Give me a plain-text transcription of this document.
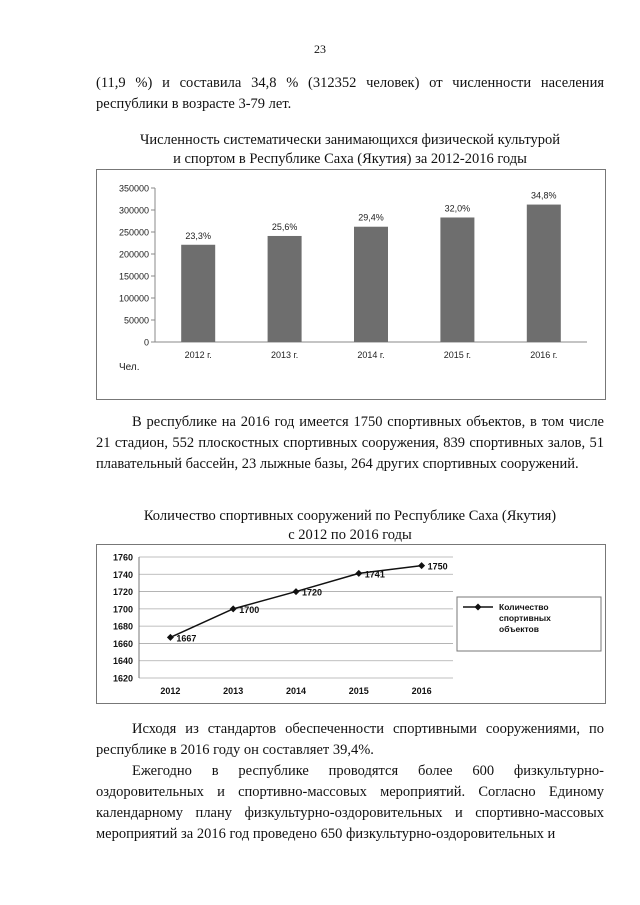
23

(11,9 %) и составила 34,8 % (312352 человек) от численности населения республики в возрасте 3-79 лет.

Численность систематически занимающихся физической культурой
и спортом в Республике Саха (Якутия) за 2012-2016 годы

0
50000
100000
150000
200000
250000
300000
350000
23,3%
2012 г.
25,6%
2013 г.
29,4%
2014 г.
32,0%
2015 г.
34,8%
2016 г.
Чел.

В республике на 2016 год имеется 1750 спортивных объектов, в том числе 21 стадион, 552 плоскостных спортивных сооружения, 839 спортивных залов, 51 плавательный бассейн, 23 лыжные базы, 264 других спортивных сооружений.

Количество спортивных сооружений по Республике Саха (Якутия)
с 2012 по 2016 годы

1620
1640
1660
1680
1700
1720
1740
1760
1667
2012
1700
2013
1720
2014
1741
2015
1750
2016
Количество
спортивных
объектов

Исходя из стандартов обеспеченности спортивными сооружениями, по республике в 2016 году он составляет 39,4%.

Ежегодно в республике проводятся более 600 физкультурно-оздоровительных и спортивно-массовых мероприятий. Согласно Единому календарному плану физкультурно-оздоровительных и спортивно-массовых мероприятий за 2016 год проведено 650 физкультурно-оздоровительных и
